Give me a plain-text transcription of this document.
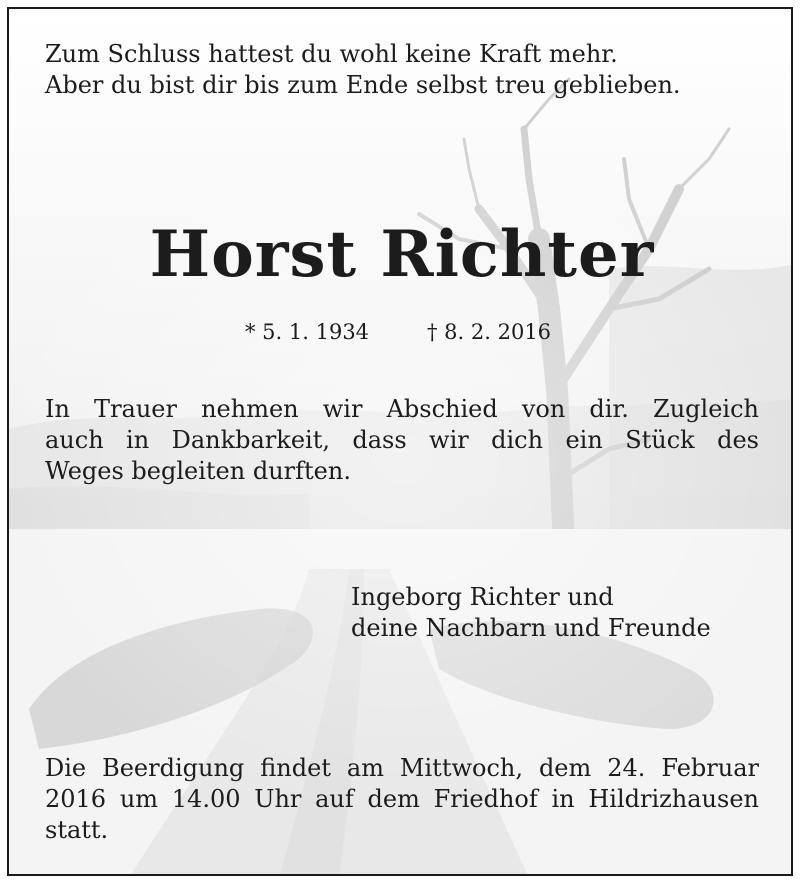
Zum Schluss hattest du wohl keine Kraft mehr.
Aber du bist dir bis zum Ende selbst treu geblieben.

Horst Richter
* 5. 1. 1934	† 8. 2. 2016

In Trauer nehmen wir Abschied von dir. Zugleich
auch in Dankbarkeit, dass wir dich ein Stück des
Weges begleiten durften.

Ingeborg Richter und
deine Nachbarn und Freunde

Die Beerdigung findet am Mittwoch, dem 24. Februar
2016 um 14.00 Uhr auf dem Friedhof in Hildrizhausen
statt.
